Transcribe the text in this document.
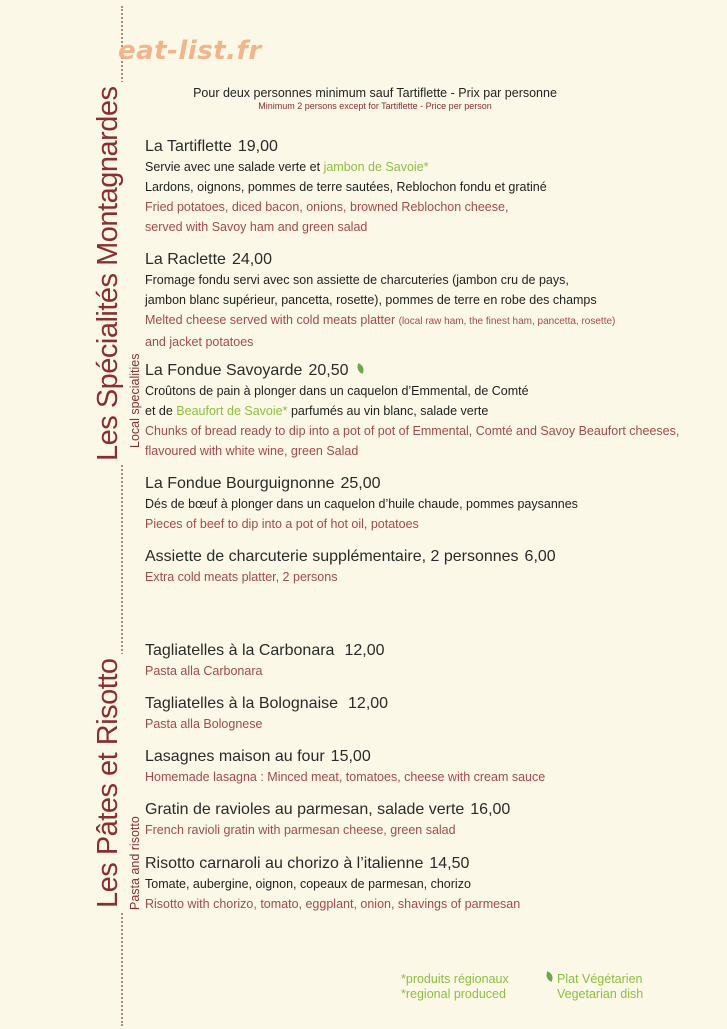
eat-list.fr
Les Spécialités Montagnardes Local specialities
Les Pâtes et Risotto Pasta and risotto
Pour deux personnes minimum sauf Tartiflette - Prix par personne
Minimum 2 persons except for Tartiflette - Price per person
La Tartiflette 19,00
Servie avec une salade verte et jambon de Savoie*
Lardons, oignons, pommes de terre sautées, Reblochon fondu et gratiné
Fried potatoes, diced bacon, onions, browned Reblochon cheese,
served with Savoy ham and green salad
La Raclette 24,00
Fromage fondu servi avec son assiette de charcuteries (jambon cru de pays,
jambon blanc supérieur, pancetta, rosette), pommes de terre en robe des champs
Melted cheese served with cold meats platter (local raw ham, the finest ham, pancetta, rosette)
and jacket potatoes
La Fondue Savoyarde 20,50
Croûtons de pain à plonger dans un caquelon d’Emmental, de Comté
et de Beaufort de Savoie* parfumés au vin blanc, salade verte
Chunks of bread ready to dip into a pot of pot of Emmental, Comté and Savoy Beaufort cheeses,
flavoured with white wine, green Salad
La Fondue Bourguignonne 25,00
Dés de bœuf à plonger dans un caquelon d’huile chaude, pommes paysannes
Pieces of beef to dip into a pot of hot oil, potatoes
Assiette de charcuterie supplémentaire, 2 personnes 6,00
Extra cold meats platter, 2 persons
Tagliatelles à la Carbonara 12,00
Pasta alla Carbonara
Tagliatelles à la Bolognaise 12,00
Pasta alla Bolognese
Lasagnes maison au four 15,00
Homemade lasagna : Minced meat, tomatoes, cheese with cream sauce
Gratin de ravioles au parmesan, salade verte 16,00
French ravioli gratin with parmesan cheese, green salad
Risotto carnaroli au chorizo à l’italienne 14,50
Tomate, aubergine, oignon, copeaux de parmesan, chorizo
Risotto with chorizo, tomato, eggplant, onion, shavings of parmesan
*produits régionaux
*regional produced
Plat Végétarien
Vegetarian dish
